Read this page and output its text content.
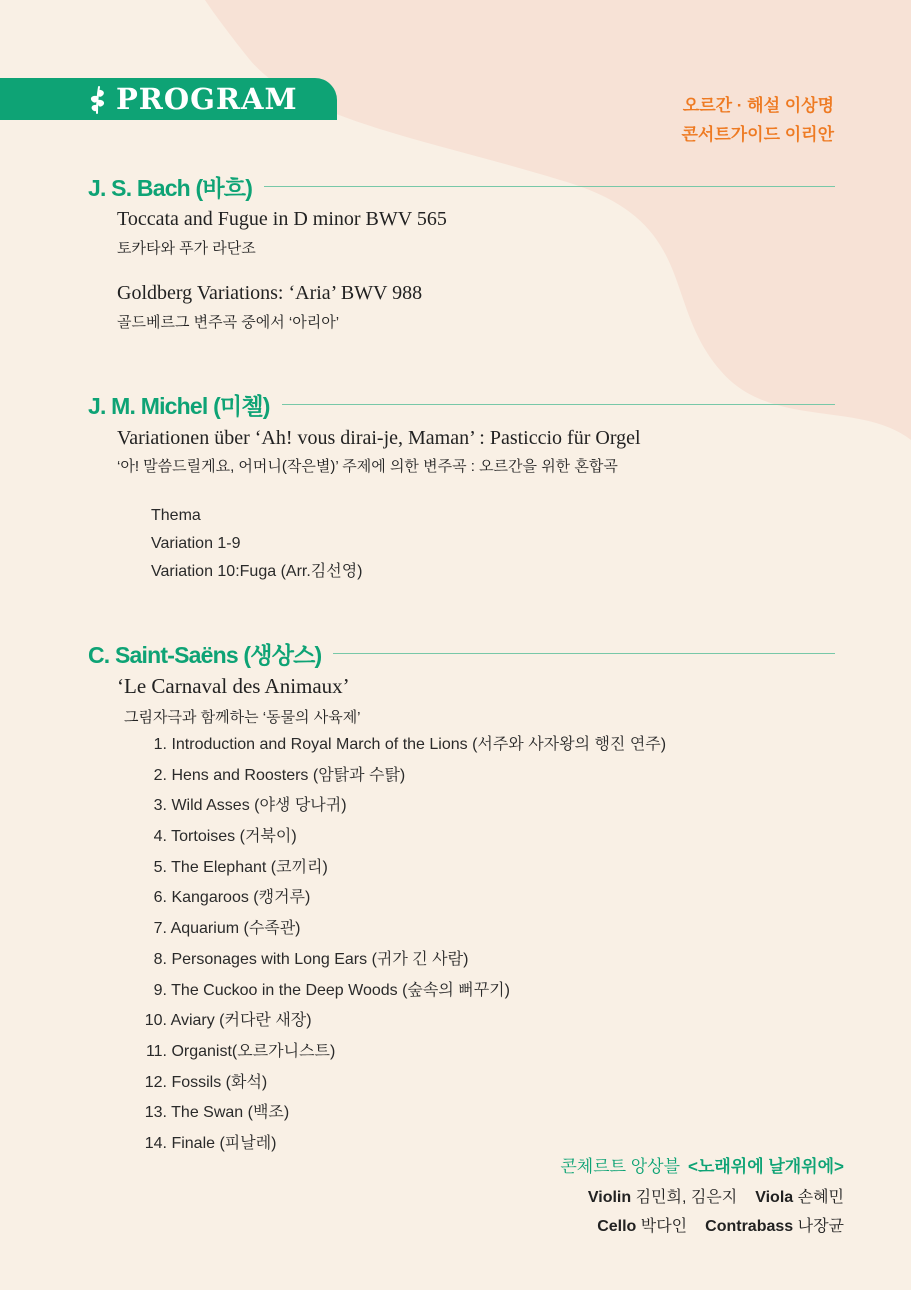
PROGRAM	오르간 · 해설 이상명
콘서트가이드 이리안
J. S. Bach (바흐)
Toccata and Fugue in D minor BWV 565
토카타와 푸가 라단조
Goldberg Variations: ‘Aria’ BWV 988
골드베르그 변주곡 중에서 ‘아리아’
J. M. Michel (미첼)
Variationen über ‘Ah! vous dirai-je, Maman’ : Pasticcio für Orgel
‘아! 말씀드릴게요, 어머니(작은별)’ 주제에 의한 변주곡 : 오르간을 위한 혼합곡
Thema
Variation 1-9
Variation 10:Fuga (Arr.김선영)
C. Saint-Saëns (생상스)
‘Le Carnaval des Animaux’
그림자극과 함께하는 ‘동물의 사육제’
1. Introduction and Royal March of the Lions (서주와 사자왕의 행진 연주)
2. Hens and Roosters (암탉과 수탉)
3. Wild Asses (야생 당나귀)
4. Tortoises (거북이)
5. The Elephant (코끼리)
6. Kangaroos (캥거루)
7. Aquarium (수족관)
8. Personages with Long Ears (귀가 긴 사람)
9. The Cuckoo in the Deep Woods (숲속의 뻐꾸기)
10. Aviary (커다란 새장)
11. Organist(오르가니스트)
12. Fossils (화석)
13. The Swan (백조)
14. Finale (피날레)
콘체르트 앙상블 <노래위에 날개위에>
Violin 김민희, 김은지 Viola 손혜민
Cello 박다인 Contrabass 나장균
